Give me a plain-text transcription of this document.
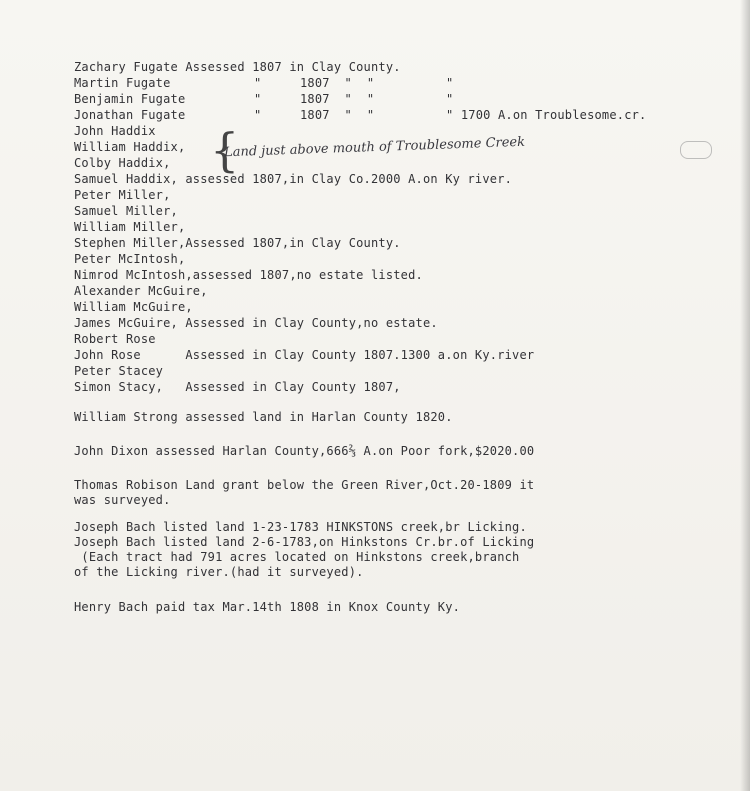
Zachary Fugate Assessed 1807 in Clay County.
Martin Fugate	"	1807  "  "	"
Benjamin Fugate	"	1807  "  "	"
Jonathan Fugate	"	1807  "  "	" 1700 A.on Troublesome.cr.
John Haddix
William Haddix,
Colby Haddix,
Samuel Haddix, assessed 1807,in Clay Co.2000 A.on Ky river.
{
Land just above mouth of Troublesome Creek
Peter Miller,
Samuel Miller,
William Miller,
Stephen Miller,Assessed 1807,in Clay County.
Peter McIntosh,
Nimrod McIntosh,assessed 1807,no estate listed.
Alexander McGuire,
William McGuire,
James McGuire, Assessed in Clay County,no estate.
Robert Rose
John Rose      Assessed in Clay County 1807.1300 a.on Ky.river
Peter Stacey
Simon Stacy,   Assessed in Clay County 1807,
William Strong assessed land in Harlan County 1820.
John Dixon assessed Harlan County,666⅔ A.on Poor fork,$2020.00
Thomas Robison Land grant below the Green River,Oct.20-1809 it
was surveyed.
Joseph Bach listed land 1-23-1783 HINKSTONS creek,br Licking.
Joseph Bach listed land 2-6-1783,on Hinkstons Cr.br.of Licking
(Each tract had 791 acres located on Hinkstons creek,branch
of the Licking river.(had it surveyed).
Henry Bach paid tax Mar.14th 1808 in Knox County Ky.
